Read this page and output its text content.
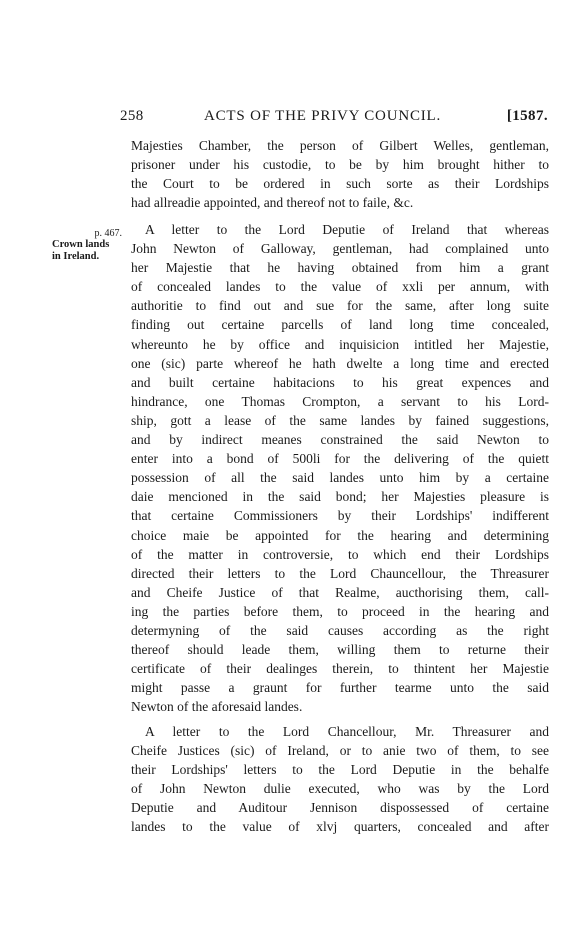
258	ACTS OF THE PRIVY COUNCIL.	[1587.
Majesties Chamber, the person of Gilbert Welles, gentleman,
prisoner under his custodie, to be by him brought hither to
the Court to be ordered in such sorte as their Lordships
had allreadie appointed, and thereof not to faile, &c.
p. 467.
Crown lands
in Ireland.
A letter to the Lord Deputie of Ireland that whereas
John Newton of Galloway, gentleman, had complained unto
her Majestie that he having obtained from him a grant
of concealed landes to the value of xxli per annum, with
authoritie to find out and sue for the same, after long suite
finding out certaine parcells of land long time concealed,
whereunto he by office and inquisicion intitled her Majestie,
one (sic) parte whereof he hath dwelte a long time and erected
and built certaine habitacions to his great expences and
hindrance, one Thomas Crompton, a servant to his Lord-
ship, gott a lease of the same landes by fained suggestions,
and by indirect meanes constrained the said Newton to
enter into a bond of 500li for the delivering of the quiett
possession of all the said landes unto him by a certaine
daie mencioned in the said bond; her Majesties pleasure is
that certaine Commissioners by their Lordships' indifferent
choice maie be appointed for the hearing and determining
of the matter in controversie, to which end their Lordships
directed their letters to the Lord Chauncellour, the Threasurer
and Cheife Justice of that Realme, aucthorising them, call-
ing the parties before them, to proceed in the hearing and
determyning of the said causes according as the right
thereof should leade them, willing them to returne their
certificate of their dealinges therein, to thintent her Majestie
might passe a graunt for further tearme unto the said
Newton of the aforesaid landes.
A letter to the Lord Chancellour, Mr. Threasurer and
Cheife Justices (sic) of Ireland, or to anie two of them, to see
their Lordships' letters to the Lord Deputie in the behalfe
of John Newton dulie executed, who was by the Lord
Deputie and Auditour Jennison dispossessed of certaine
landes to the value of xlvj quarters, concealed and after
